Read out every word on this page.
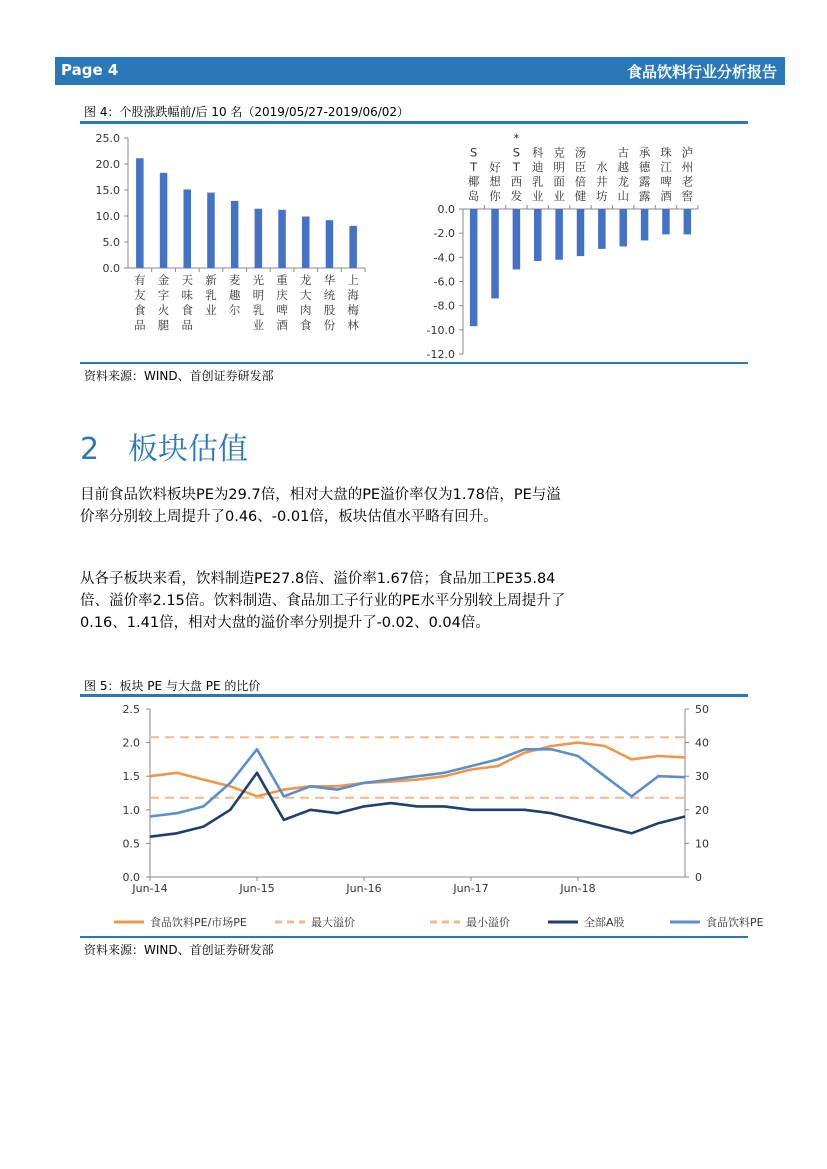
Page 4	食品饮料行业分析报告
图 4：个股涨跌幅前/后 10 名（2019/05/27-2019/06/02）
0.0
5.0
10.0
15.0
20.0
25.0
有
友
食
品
金
字
火
腿
天
味
食
品
新
乳
业
麦
趣
尔
光
明
乳
业
重
庆
啤
酒
龙
大
肉
食
华
统
股
份
上
海
梅
林
0.0
-2.0
-4.0
-6.0
-8.0
-10.0
-12.0
S
T
椰
岛
好
想
你
*
S
T
西
发
科
迪
乳
业
克
明
面
业
汤
臣
倍
健
水
井
坊
古
越
龙
山
承
德
露
露
珠
江
啤
酒
泸
州
老
窖
资料来源：WIND、首创证券研发部
2 板块估值
目前食品饮料板块PE为29.7倍，相对大盘的PE溢价率仅为1.78倍，PE与溢价率分别较上周提升了0.46、-0.01倍，板块估值水平略有回升。
从各子板块来看，饮料制造PE27.8倍、溢价率1.67倍；食品加工PE35.84倍、溢价率2.15倍。饮料制造、食品加工子行业的PE水平分别较上周提升了0.16、1.41倍，相对大盘的溢价率分别提升了-0.02、0.04倍。
图 5：板块 PE 与大盘 PE 的比价
0.0
0.5
1.0
1.5
2.0
2.5
0
10
20
30
40
50
Jun-14	Jun-15	Jun-16	Jun-17	Jun-18
食品饮料PE/市场PE	最大溢价	最小溢价	全部A股	食品饮料PE
资料来源：WIND、首创证券研发部
